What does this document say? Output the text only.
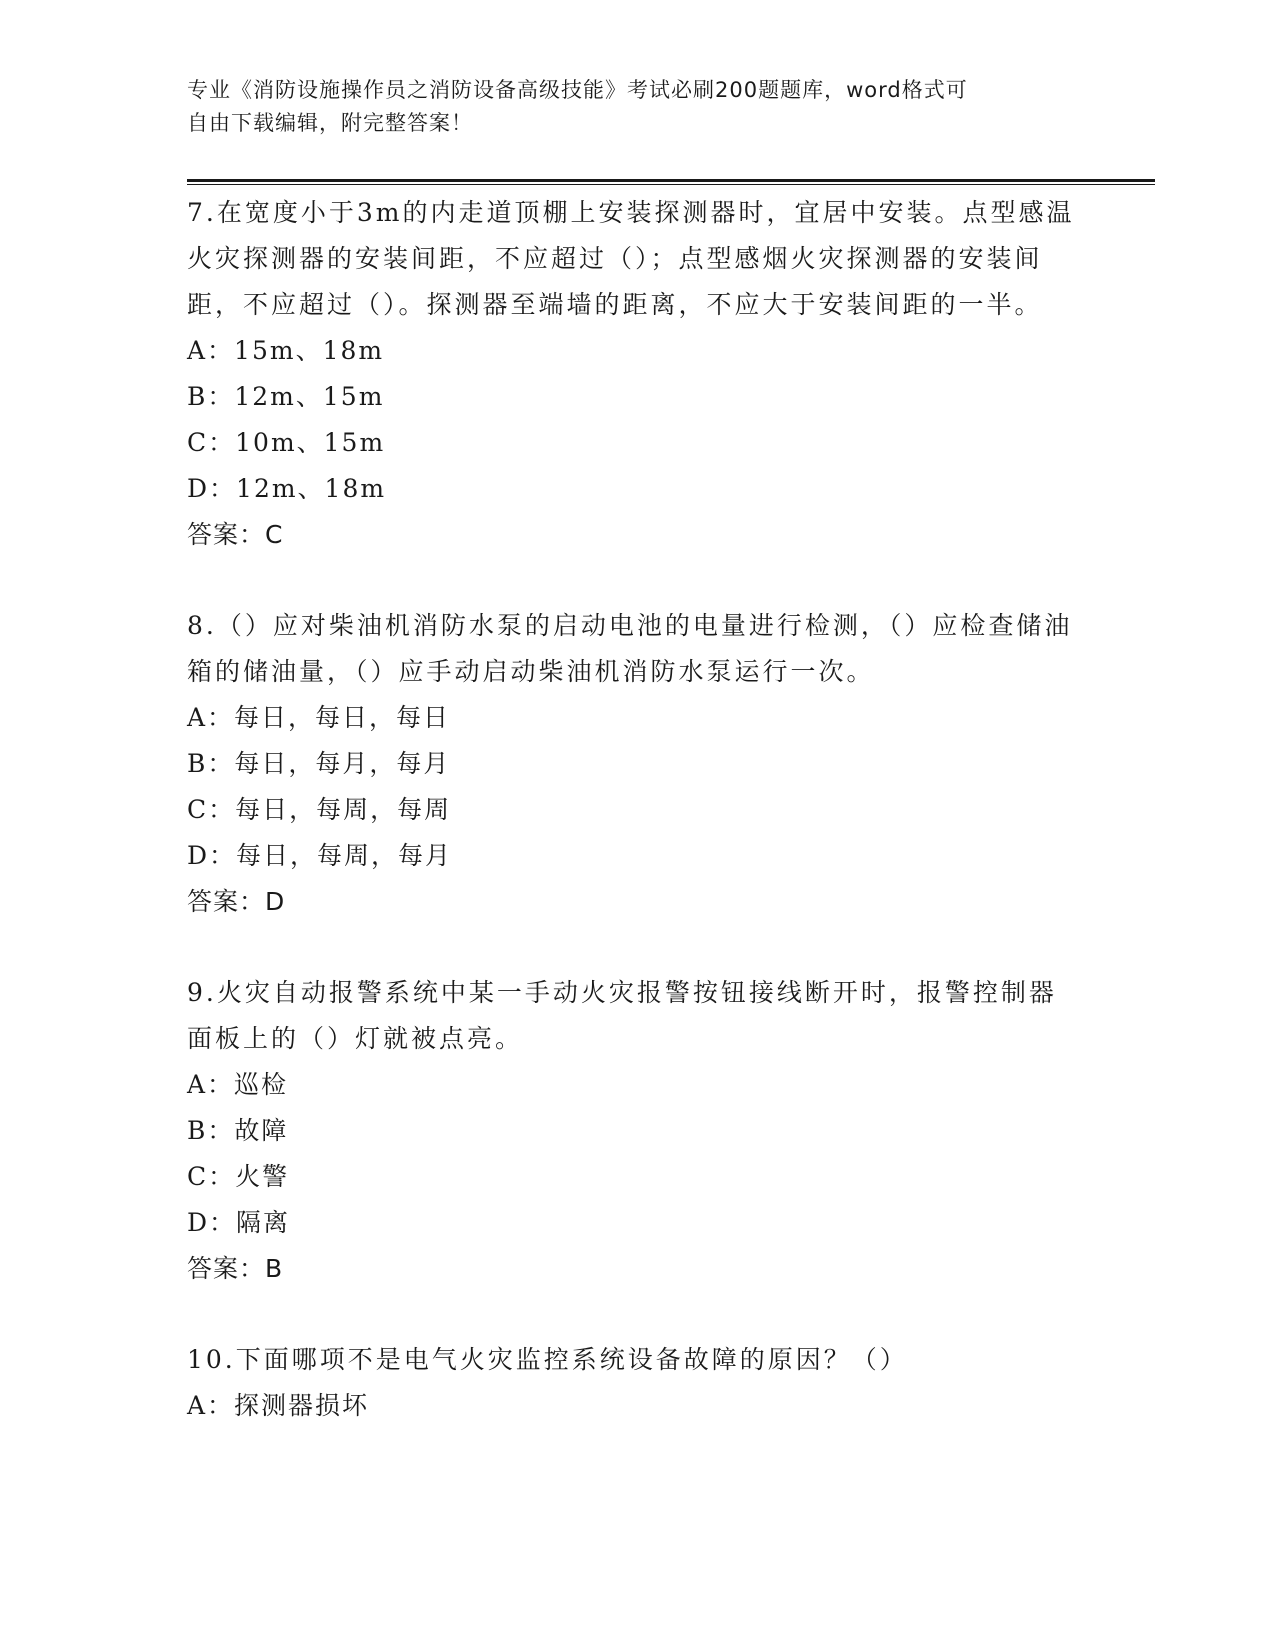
专业《消防设施操作员之消防设备高级技能》考试必刷200题题库，word格式可
自由下载编辑，附完整答案！

7.在宽度小于3m的内走道顶棚上安装探测器时，宜居中安装。点型感温火灾探测器的安装间距，不应超过（）；点型感烟火灾探测器的安装间距，不应超过（）。探测器至端墙的距离，不应大于安装间距的一半。

A：15m、18m

B：12m、15m

C：10m、15m

D：12m、18m

答案：C

8.（）应对柴油机消防水泵的启动电池的电量进行检测，（）应检查储油箱的储油量，（）应手动启动柴油机消防水泵运行一次。

A：每日，每日，每日

B：每日，每月，每月

C：每日，每周，每周

D：每日，每周，每月

答案：D

9.火灾自动报警系统中某一手动火灾报警按钮接线断开时，报警控制器面板上的（）灯就被点亮。

A：巡检

B：故障

C：火警

D：隔离

答案：B

10.下面哪项不是电气火灾监控系统设备故障的原因？（）

A：探测器损坏
